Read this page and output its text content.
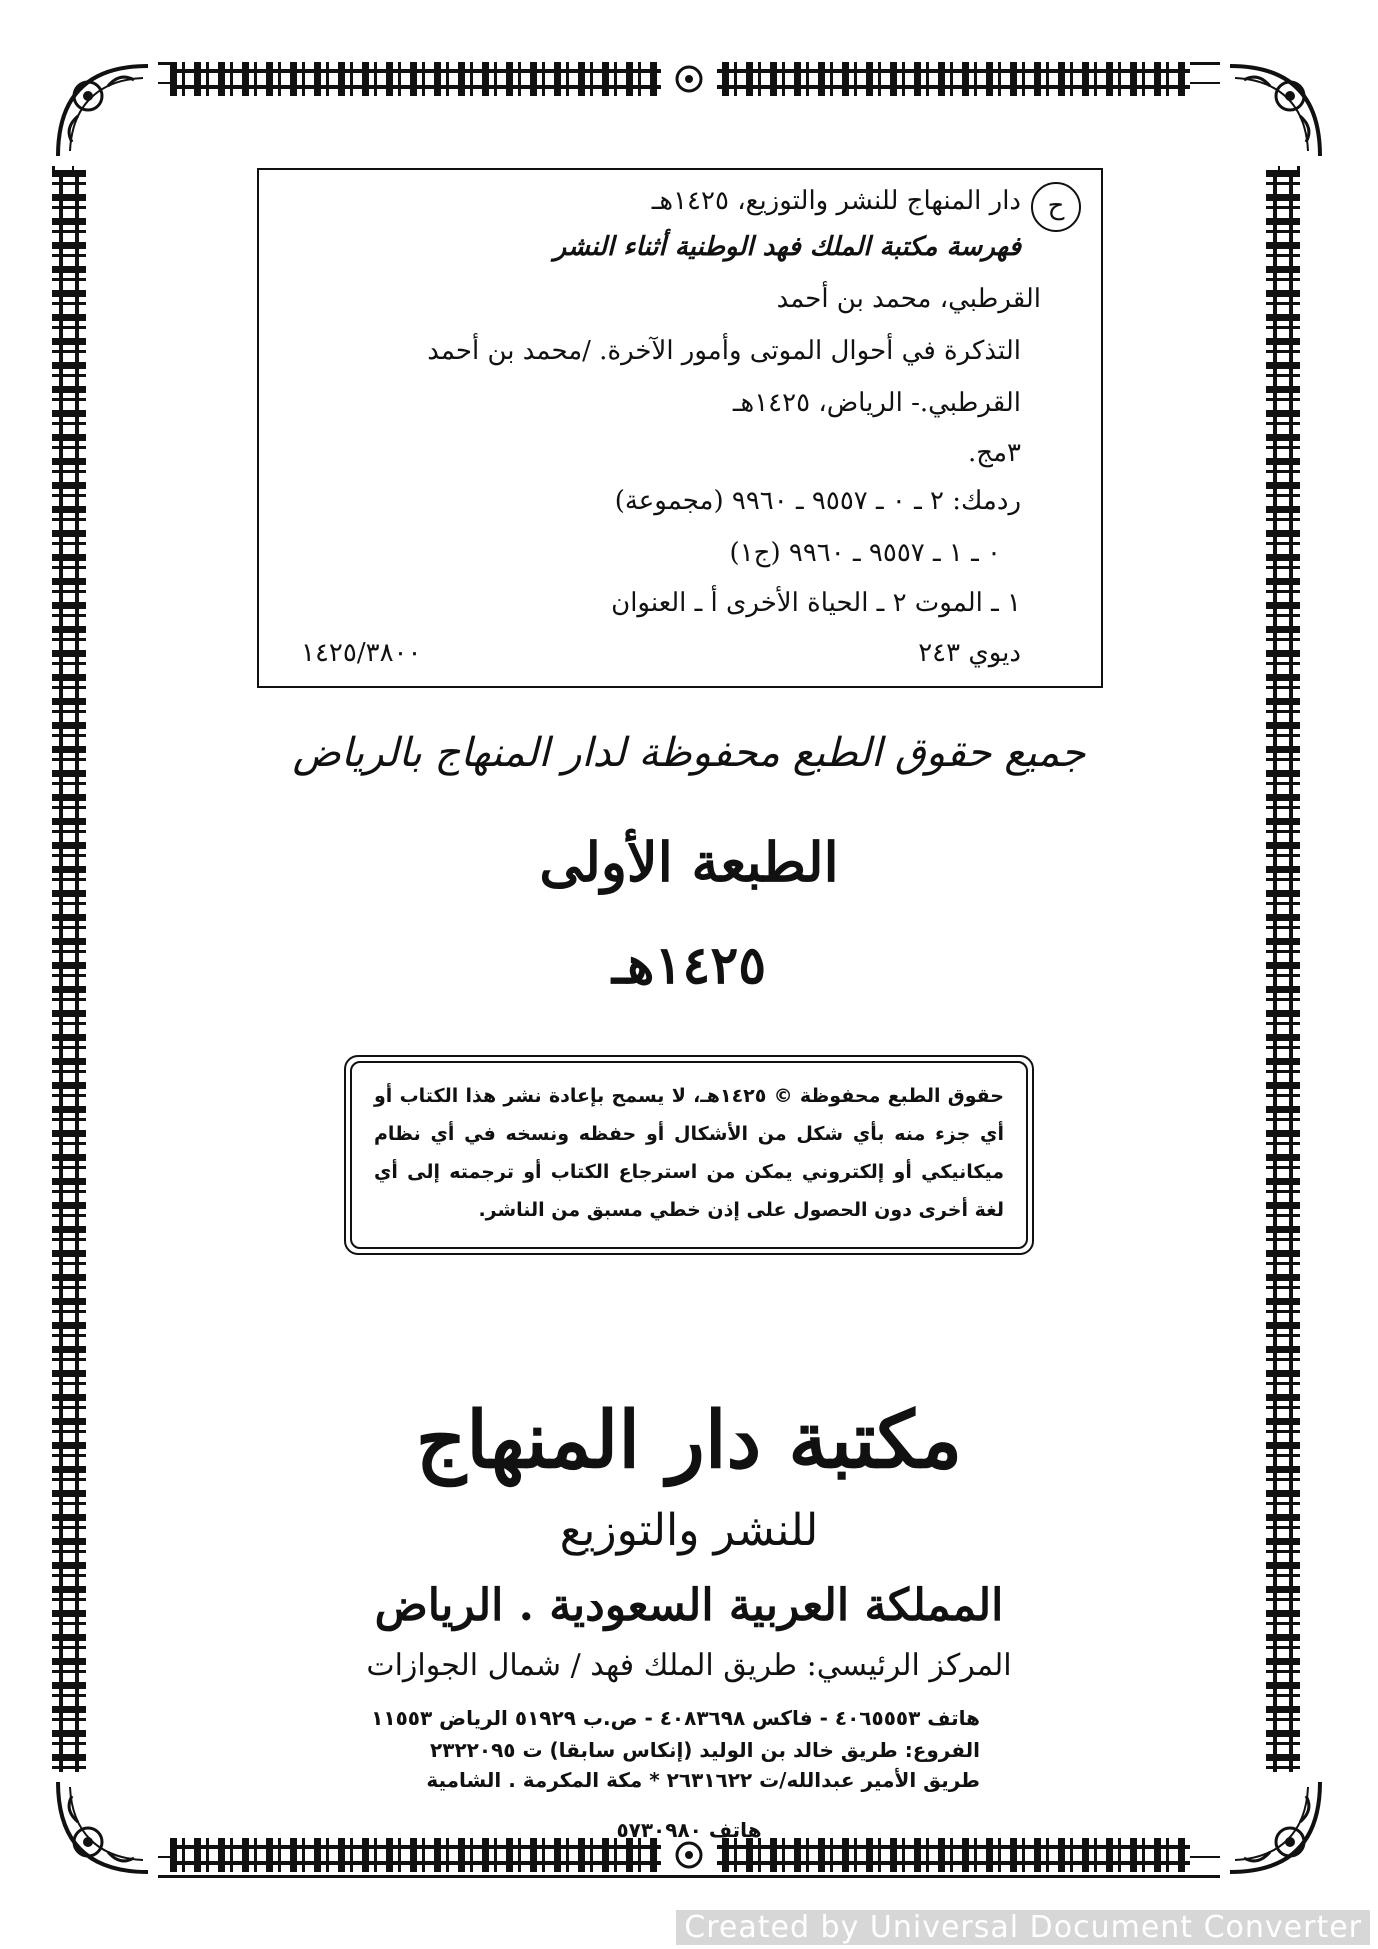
ح
دار المنهاج للنشر والتوزيع، ١٤٢٥هـ
فهرسة مكتبة الملك فهد الوطنية أثناء النشر
القرطبي، محمد بن أحمد
التذكرة في أحوال الموتى وأمور الآخرة. /محمد بن أحمد
القرطبي.- الرياض، ١٤٢٥هـ
٣مج.
ردمك: ٢ ـ ٠ ـ ٩٥٥٧ ـ ٩٩٦٠ (مجموعة)
٠ ـ ١ ـ ٩٥٥٧ ـ ٩٩٦٠ (ج١)
١ ـ الموت ٢ ـ الحياة الأخرى أ ـ العنوان
ديوي ٢٤٣
١٤٢٥/٣٨٠٠
جميع حقوق الطبع محفوظة لدار المنهاج بالرياض
الطبعة الأولى
١٤٢٥هـ
حقوق الطبع محفوظة © ١٤٢٥هـ، لا يسمح بإعادة نشر هذا الكتاب أو أي جزء منه بأي شكل من الأشكال أو حفظه ونسخه في أي نظام ميكانيكي أو إلكتروني يمكن من استرجاع الكتاب أو ترجمته إلى أي لغة أخرى دون الحصول على إذن خطي مسبق من الناشر.
مكتبة دار المنهاج
للنشر والتوزيع
المملكة العربية السعودية . الرياض
المركز الرئيسي: طريق الملك فهد / شمال الجوازات
هاتف ٤٠٦٥٥٥٣ - فاكس ٤٠٨٣٦٩٨ - ص.ب ٥١٩٢٩ الرياض ١١٥٥٣
الفروع: طريق خالد بن الوليد (إنكاس سابقا) ت ٢٣٢٢٠٩٥
طريق الأمير عبدالله/ت ٢٦٣١٦٢٢ * مكة المكرمة . الشامية
هاتف ٥٧٣٠٩٨٠
Created by Universal Document Converter
